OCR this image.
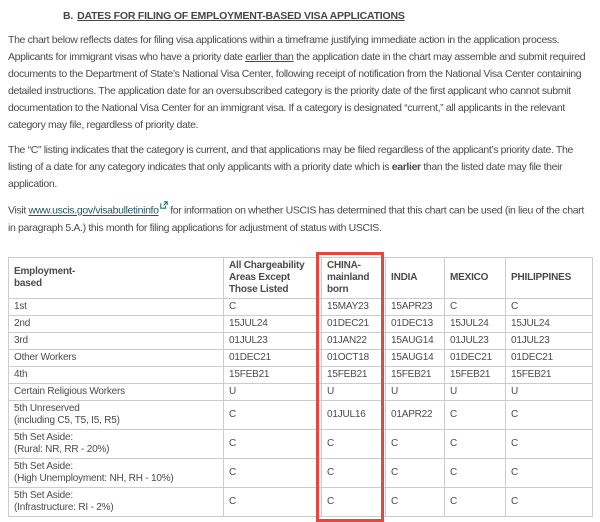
B. DATES FOR FILING OF EMPLOYMENT-BASED VISA APPLICATIONS

The chart below reflects dates for filing visa applications within a timeframe justifying immediate action in the application process. Applicants for immigrant visas who have a priority date earlier than the application date in the chart may assemble and submit required documents to the Department of State’s National Visa Center, following receipt of notification from the National Visa Center containing detailed instructions. The application date for an oversubscribed category is the priority date of the first applicant who cannot submit documentation to the National Visa Center for an immigrant visa. If a category is designated “current,” all applicants in the relevant category may file, regardless of priority date.

The “C” listing indicates that the category is current, and that applications may be filed regardless of the applicant’s priority date. The listing of a date for any category indicates that only applicants with a priority date which is earlier than the listed date may file their application.

Visit www.uscis.gov/visabulletininfo for information on whether USCIS has determined that this chart can be used (in lieu of the chart in paragraph 5.A.) this month for filing applications for adjustment of status with USCIS.

Employment-
based	All Chargeability
Areas Except
Those Listed	CHINA-
mainland
born	INDIA	MEXICO	PHILIPPINES
1st	C	15MAY23	15APR23	C	C
2nd	15JUL24	01DEC21	01DEC13	15JUL24	15JUL24
3rd	01JUL23	01JAN22	15AUG14	01JUL23	01JUL23
Other Workers	01DEC21	01OCT18	15AUG14	01DEC21	01DEC21
4th	15FEB21	15FEB21	15FEB21	15FEB21	15FEB21
Certain Religious Workers	U	U	U	U	U
5th Unreserved
(including C5, T5, I5, R5)	C	01JUL16	01APR22	C	C
5th Set Aside:
(Rural: NR, RR - 20%)	C	C	C	C	C
5th Set Aside:
(High Unemployment: NH, RH - 10%)	C	C	C	C	C
5th Set Aside:
(Infrastructure: RI - 2%)	C	C	C	C	C
